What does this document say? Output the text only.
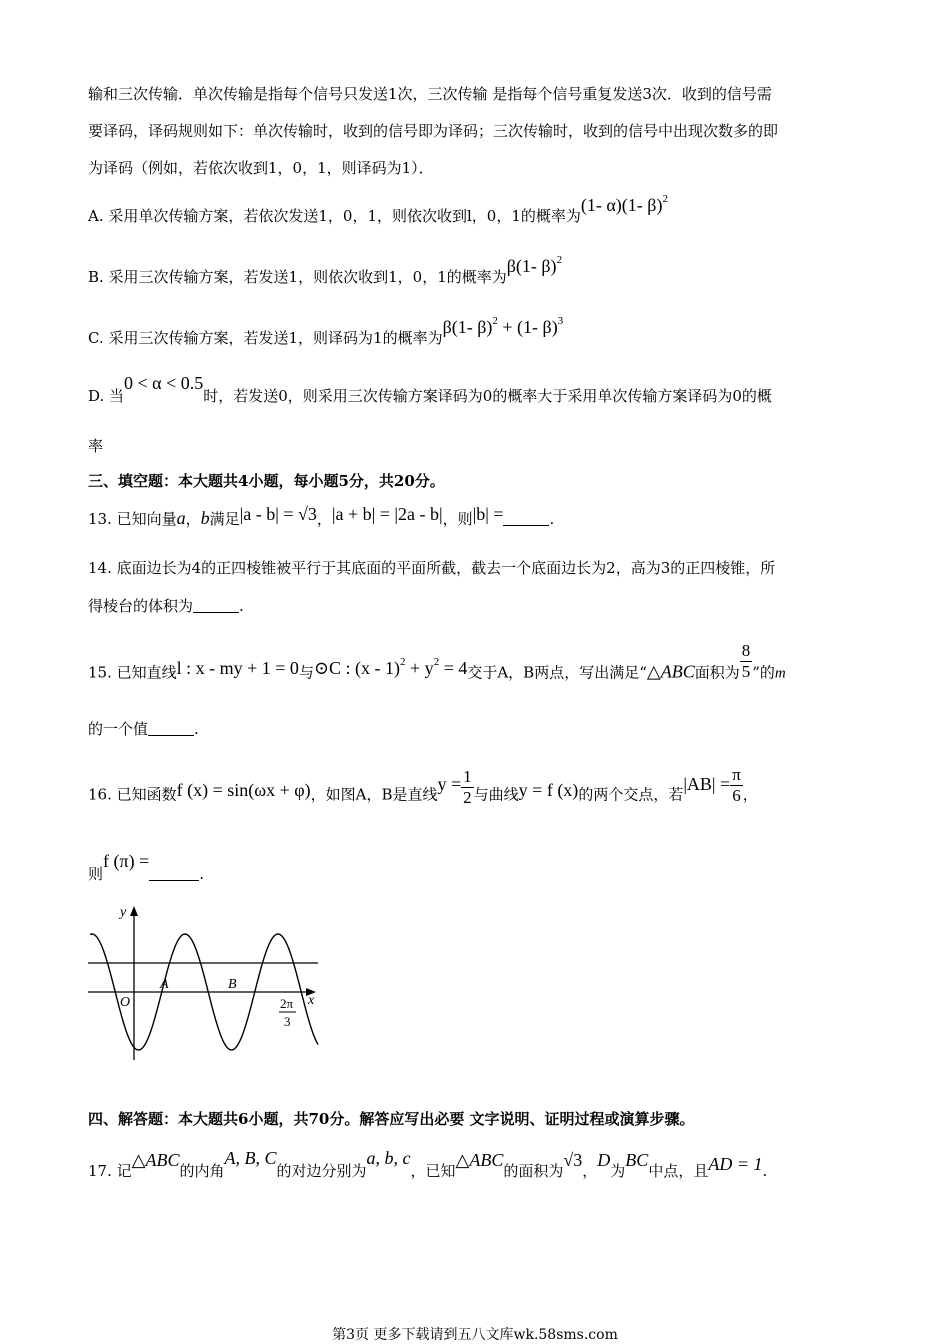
输和三次传输．单次传输是指每个信号只发送1次，三次传输 是指每个信号重复发送3次．收到的信号需
要译码，译码规则如下：单次传输时，收到的信号即为译码；三次传输时，收到的信号中出现次数多的即
为译码（例如，若依次收到1，0，1，则译码为1）．
A. 采用单次传输方案，若依次发送1，0，1，则依次收到l，0，1的概率为(1- α)(1- β)$^2$
B. 采用三次传输方案，若发送1，则依次收到1，0，1的概率为β(1- β)$^2$
C. 采用三次传输方案，若发送1，则译码为1的概率为β(1- β)$^2$ + (1- β)$^3$
D. 当0 < α < 0.5时，若发送0，则采用三次传输方案译码为0的概率大于采用单次传输方案译码为0的概
率
三、填空题：本大题共4小题，每小题5分，共20分。
13. 已知向量a，b满足|a - b| = √3，|a + b| = |2a - b|，则|b| =	.
14. 底面边长为4的正四棱锥被平行于其底面的平面所截，截去一个底面边长为2，高为3的正四棱锥，所
得棱台的体积为	.
15. 已知直线l : x - my + 1 = 0与⊙C : $(x - 1)^2 + y^2 = 4$交于A，B两点，写出满足“△ABC面积为 $\frac{8}{5}$ ”的m
的一个值	.
16. 已知函数f (x) = sin(ωx + φ)，如图A，B是直线$y = \frac{1}{2}$ 与曲线y = f (x)的两个交点，若$|AB| = \frac{\pi}{6}$ ，
则f (π) =.
y
x
O
A	B
2π
3
四、解答题：本大题共6小题，共70分。解答应写出必要 文字说明、证明过程或演算步骤。
17. 记△ABC的内角A, B, C的对边分别为a, b, c，已知△ABC的面积为√3，D为BC中点，且AD = 1.
第3页 更多下载请到五八文库wk.58sms.com
